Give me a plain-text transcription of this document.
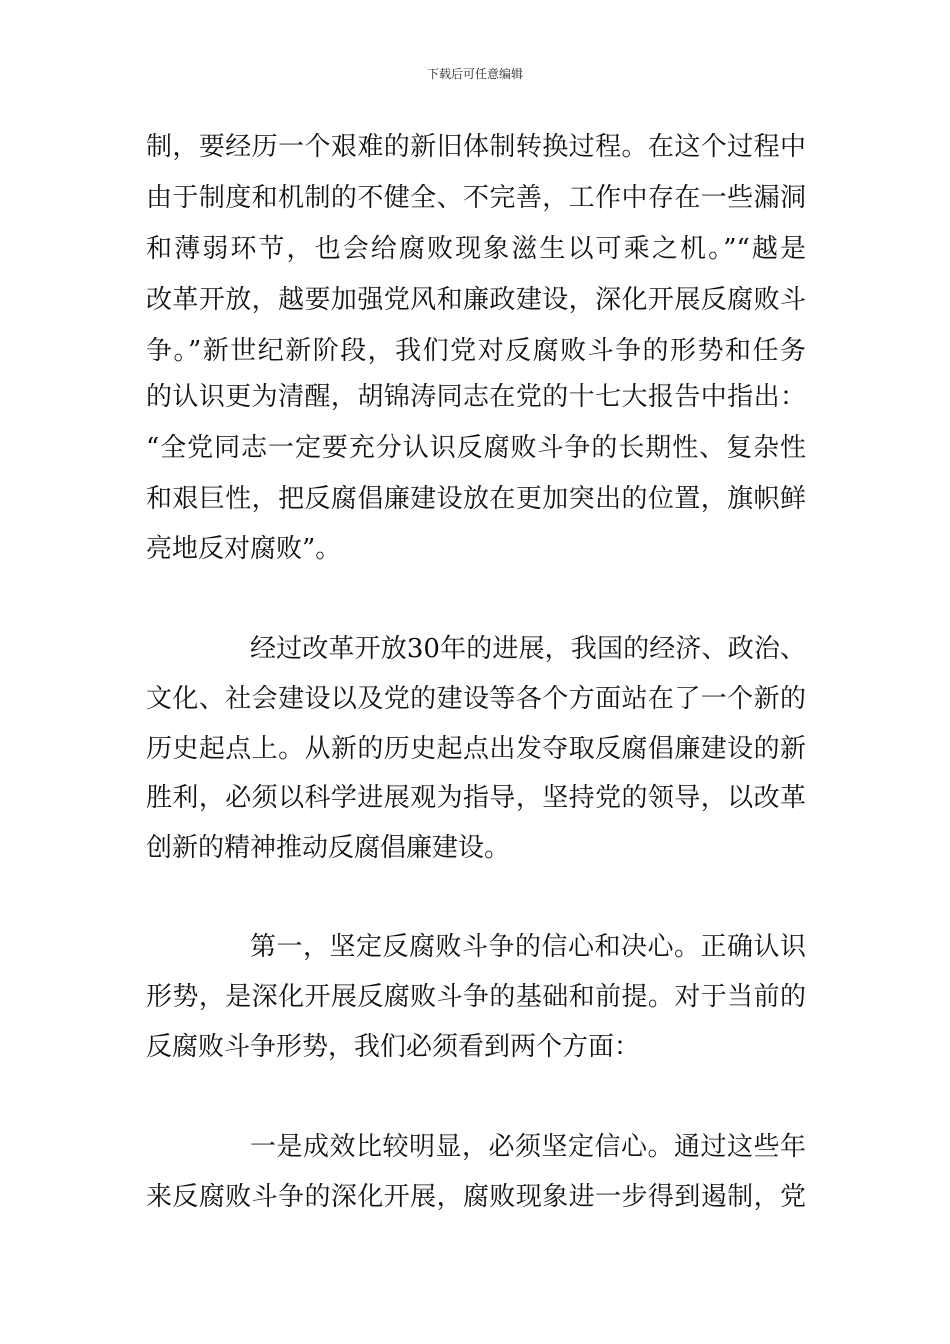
下载后可任意编辑
制，要经历一个艰难的新旧体制转换过程。在这个过程中
由于制度和机制的不健全、不完善，工作中存在一些漏洞
和薄弱环节，也会给腐败现象滋生以可乘之机。”“越是
改革开放，越要加强党风和廉政建设，深化开展反腐败斗
争。”新世纪新阶段，我们党对反腐败斗争的形势和任务
的认识更为清醒，胡锦涛同志在党的十七大报告中指出：
“全党同志一定要充分认识反腐败斗争的长期性、复杂性
和艰巨性，把反腐倡廉建设放在更加突出的位置，旗帜鲜
亮地反对腐败”。
经过改革开放30年的进展，我国的经济、政治、
文化、社会建设以及党的建设等各个方面站在了一个新的
历史起点上。从新的历史起点出发夺取反腐倡廉建设的新
胜利，必须以科学进展观为指导，坚持党的领导，以改革
创新的精神推动反腐倡廉建设。
第一，坚定反腐败斗争的信心和决心。正确认识
形势，是深化开展反腐败斗争的基础和前提。对于当前的
反腐败斗争形势，我们必须看到两个方面：
一是成效比较明显，必须坚定信心。通过这些年
来反腐败斗争的深化开展，腐败现象进一步得到遏制，党
